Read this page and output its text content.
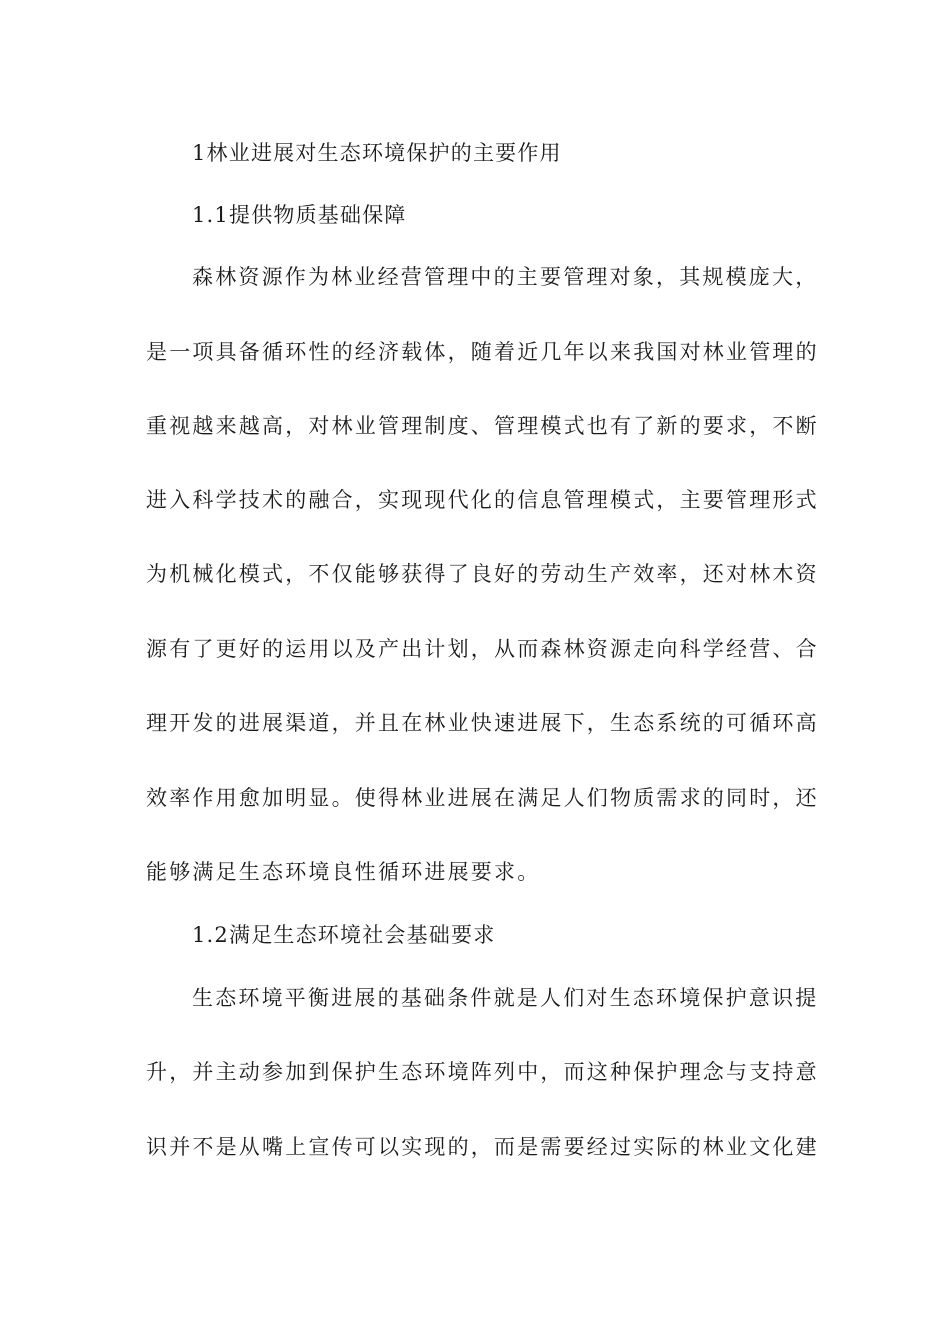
1林业进展对生态环境保护的主要作用
1.1提供物质基础保障
森林资源作为林业经营管理中的主要管理对象，其规模庞大，
是一项具备循环性的经济载体，随着近几年以来我国对林业管理的
重视越来越高，对林业管理制度、管理模式也有了新的要求，不断
进入科学技术的融合，实现现代化的信息管理模式，主要管理形式
为机械化模式，不仅能够获得了良好的劳动生产效率，还对林木资
源有了更好的运用以及产出计划，从而森林资源走向科学经营、合
理开发的进展渠道，并且在林业快速进展下，生态系统的可循环高
效率作用愈加明显。使得林业进展在满足人们物质需求的同时，还
能够满足生态环境良性循环进展要求。
1.2满足生态环境社会基础要求
生态环境平衡进展的基础条件就是人们对生态环境保护意识提
升，并主动参加到保护生态环境阵列中，而这种保护理念与支持意
识并不是从嘴上宣传可以实现的，而是需要经过实际的林业文化建
